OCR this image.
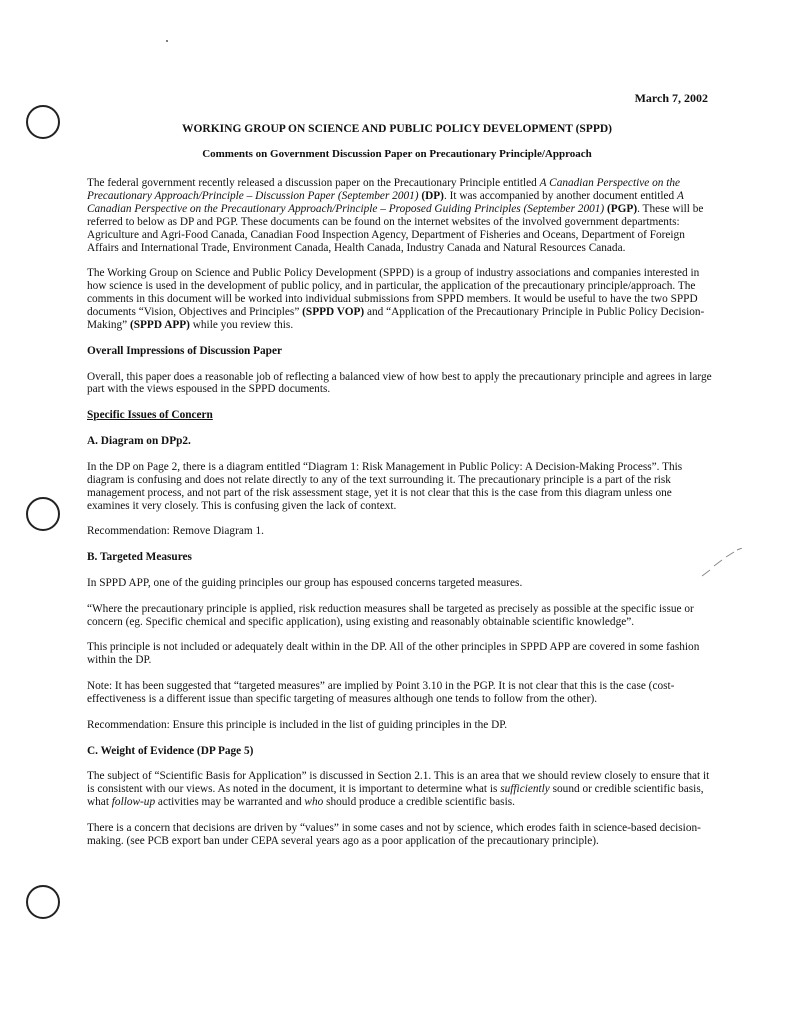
March 7, 2002
WORKING GROUP ON SCIENCE AND PUBLIC POLICY DEVELOPMENT (SPPD)
Comments on Government Discussion Paper on Precautionary Principle/Approach

The federal government recently released a discussion paper on the Precautionary Principle entitled A Canadian Perspective on the Precautionary Approach/Principle – Discussion Paper (September 2001) (DP). It was accompanied by another document entitled A Canadian Perspective on the Precautionary Approach/Principle – Proposed Guiding Principles (September 2001) (PGP). These will be referred to below as DP and PGP. These documents can be found on the internet websites of the involved government departments: Agriculture and Agri-Food Canada, Canadian Food Inspection Agency, Department of Fisheries and Oceans, Department of Foreign Affairs and International Trade, Environment Canada, Health Canada, Industry Canada and Natural Resources Canada.

The Working Group on Science and Public Policy Development (SPPD) is a group of industry associations and companies interested in how science is used in the development of public policy, and in particular, the application of the precautionary principle/approach. The comments in this document will be worked into individual submissions from SPPD members. It would be useful to have the two SPPD documents “Vision, Objectives and Principles” (SPPD VOP) and “Application of the Precautionary Principle in Public Policy Decision-Making” (SPPD APP) while you review this.

Overall Impressions of Discussion Paper

Overall, this paper does a reasonable job of reflecting a balanced view of how best to apply the precautionary principle and agrees in large part with the views espoused in the SPPD documents.

Specific Issues of Concern

A. Diagram on DPp2.

In the DP on Page 2, there is a diagram entitled “Diagram 1: Risk Management in Public Policy: A Decision-Making Process”. This diagram is confusing and does not relate directly to any of the text surrounding it. The precautionary principle is a part of the risk management process, and not part of the risk assessment stage, yet it is not clear that this is the case from this diagram unless one examines it very closely. This is confusing given the lack of context.

Recommendation: Remove Diagram 1.

B. Targeted Measures

In SPPD APP, one of the guiding principles our group has espoused concerns targeted measures.

“Where the precautionary principle is applied, risk reduction measures shall be targeted as precisely as possible at the specific issue or concern (eg. Specific chemical and specific application), using existing and reasonably obtainable scientific knowledge”.

This principle is not included or adequately dealt within in the DP. All of the other principles in SPPD APP are covered in some fashion within the DP.

Note: It has been suggested that “targeted measures” are implied by Point 3.10 in the PGP. It is not clear that this is the case (cost-effectiveness is a different issue than specific targeting of measures although one tends to follow from the other).

Recommendation: Ensure this principle is included in the list of guiding principles in the DP.

C. Weight of Evidence (DP Page 5)

The subject of “Scientific Basis for Application” is discussed in Section 2.1. This is an area that we should review closely to ensure that it is consistent with our views. As noted in the document, it is important to determine what is sufficiently sound or credible scientific basis, what follow-up activities may be warranted and who should produce a credible scientific basis.

There is a concern that decisions are driven by “values” in some cases and not by science, which erodes faith in science-based decision-making. (see PCB export ban under CEPA several years ago as a poor application of the precautionary principle).
